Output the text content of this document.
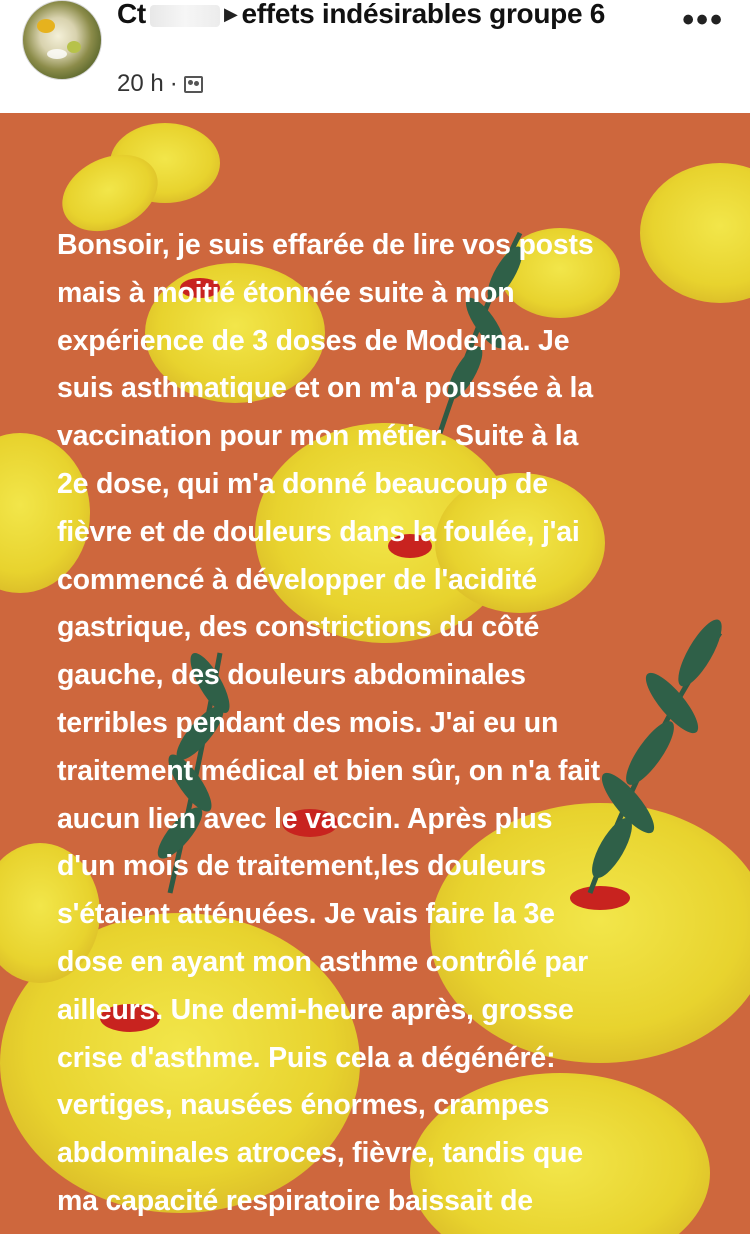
Ct	▶ effets indésirables groupe 6
20 h ·
•••
Bonsoir, je suis effarée de lire vos posts
mais à moitié étonnée suite à mon
expérience de 3 doses de Moderna. Je
suis asthmatique et on m'a poussée à la
vaccination pour mon métier. Suite à la
2e dose, qui m'a donné beaucoup de
fièvre et de douleurs dans la foulée, j'ai
commencé à développer de l'acidité
gastrique, des constrictions du côté
gauche, des douleurs abdominales
terribles pendant des mois. J'ai eu un
traitement médical et bien sûr, on n'a fait
aucun lien avec le vaccin. Après plus
d'un mois de traitement,les douleurs
s'étaient atténuées. Je vais faire la 3e
dose en ayant mon asthme contrôlé par
ailleurs. Une demi-heure après, grosse
crise d'asthme. Puis cela a dégénéré:
vertiges, nausées énormes, crampes
abdominales atroces, fièvre, tandis que
ma capacité respiratoire baissait de
